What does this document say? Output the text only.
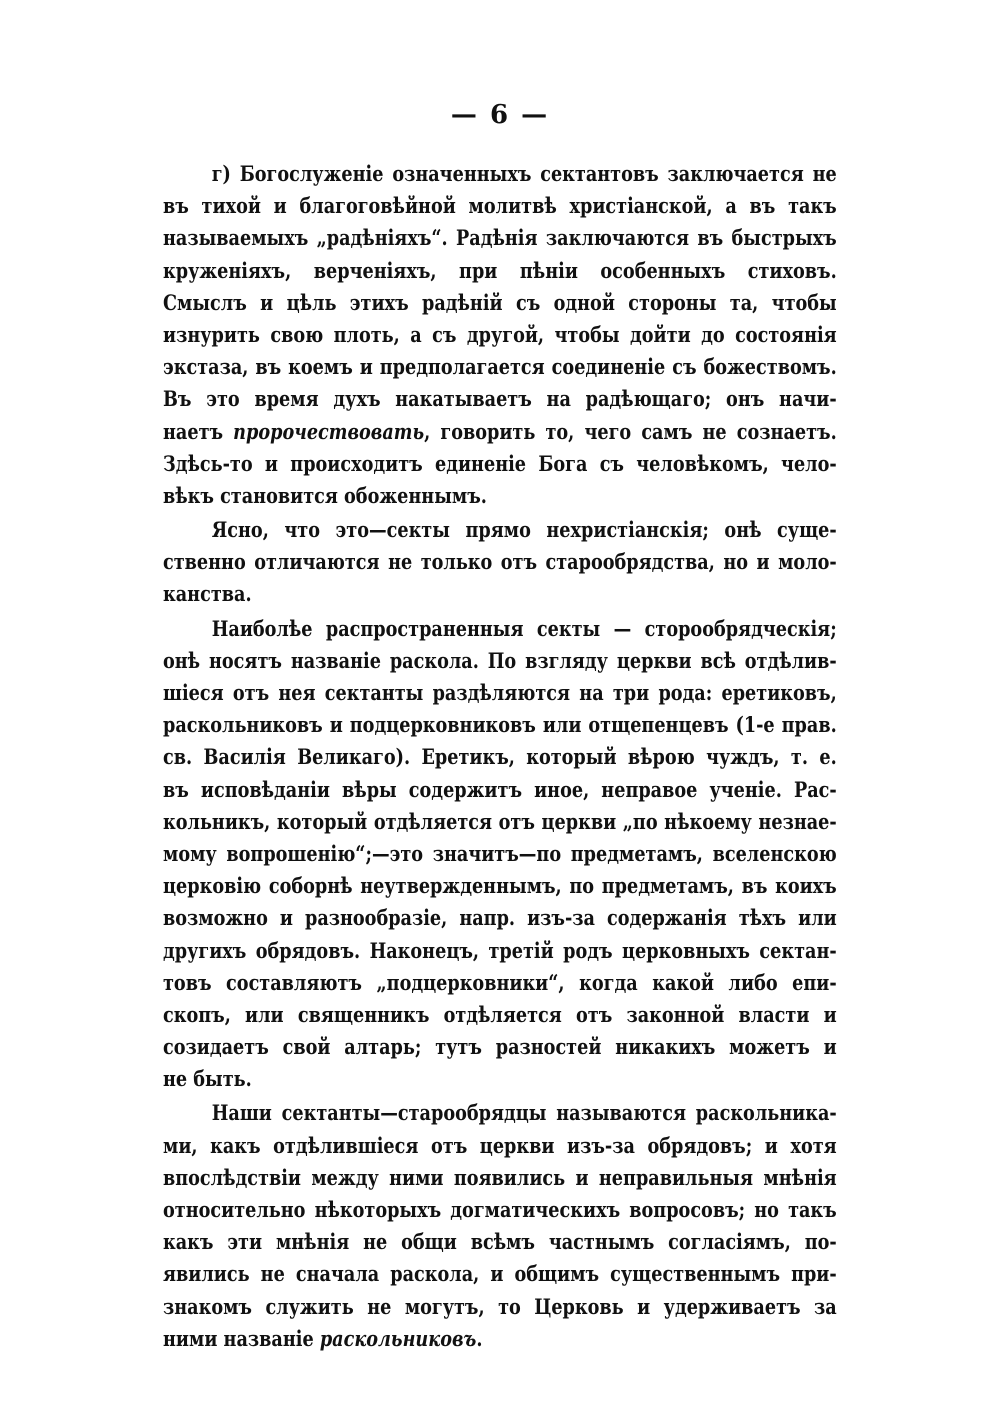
— 6 —
г) Богослуженіе означенныхъ сектантовъ заключается не
въ тихой и благоговѣйной молитвѣ христіанской, а въ такъ
называемыхъ „радѣніяхъ“. Радѣнія заключаются въ быстрыхъ
круженіяхъ, верченіяхъ, при пѣніи особенныхъ стиховъ.
Смыслъ и цѣль этихъ радѣній съ одной стороны та, чтобы
изнурить свою плоть, а съ другой, чтобы дойти до состоянія
экстаза, въ коемъ и предполагается соединеніе съ божествомъ.
Въ это время духъ накатываетъ на радѣющаго; онъ начи-
наетъ пророчествовать, говорить то, чего самъ не сознаетъ.
Здѣсь-то и происходитъ единеніе Бога съ человѣкомъ, чело-
вѣкъ становится обоженнымъ.
Ясно, что это—секты прямо нехристіанскія; онѣ суще-
ственно отличаются не только отъ старообрядства, но и моло-
канства.
Наиболѣе распространенныя секты — сторообрядческія;
онѣ носятъ названіе раскола. По взгляду церкви всѣ отдѣлив-
шіеся отъ нея сектанты раздѣляются на три рода: еретиковъ,
раскольниковъ и подцерковниковъ или отщепенцевъ (1-е прав.
св. Василія Великаго). Еретикъ, который вѣрою чуждъ, т. е.
въ исповѣданіи вѣры содержитъ иное, неправое ученіе. Рас-
кольникъ, который отдѣляется отъ церкви „по нѣкоему незнае-
мому вопрошенію“;—это значитъ—по предметамъ, вселенскою
церковію соборнѣ неутвержденнымъ, по предметамъ, въ коихъ
возможно и разнообразіе, напр. изъ-за содержанія тѣхъ или
другихъ обрядовъ. Наконецъ, третій родъ церковныхъ сектан-
товъ составляютъ „подцерковники“, когда какой либо епи-
скопъ, или священникъ отдѣляется отъ законной власти и
созидаетъ свой алтарь; тутъ разностей никакихъ можетъ и
не быть.
Наши сектанты—старообрядцы называются раскольника-
ми, какъ отдѣлившіеся отъ церкви изъ-за обрядовъ; и хотя
впослѣдствіи между ними появились и неправильныя мнѣнія
относительно нѣкоторыхъ догматическихъ вопросовъ; но такъ
какъ эти мнѣнія не общи всѣмъ частнымъ согласіямъ, по-
явились не сначала раскола, и общимъ существеннымъ при-
знакомъ служить не могутъ, то Церковь и удерживаетъ за
ними названіе раскольниковъ.
